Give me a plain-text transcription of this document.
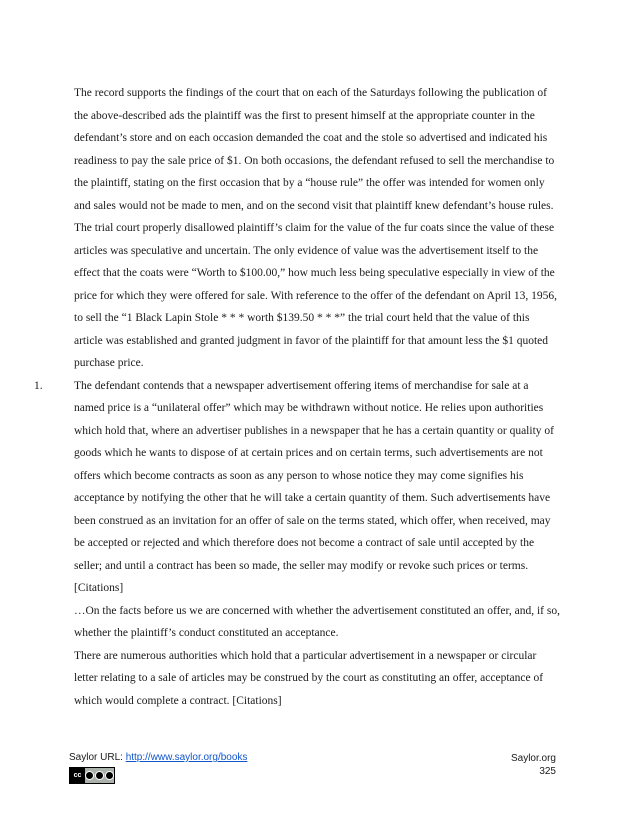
The record supports the findings of the court that on each of the Saturdays following the publication of the above-described ads the plaintiff was the first to present himself at the appropriate counter in the defendant’s store and on each occasion demanded the coat and the stole so advertised and indicated his readiness to pay the sale price of $1. On both occasions, the defendant refused to sell the merchandise to the plaintiff, stating on the first occasion that by a “house rule” the offer was intended for women only and sales would not be made to men, and on the second visit that plaintiff knew defendant’s house rules.

The trial court properly disallowed plaintiff’s claim for the value of the fur coats since the value of these articles was speculative and uncertain. The only evidence of value was the advertisement itself to the effect that the coats were “Worth to $100.00,” how much less being speculative especially in view of the price for which they were offered for sale. With reference to the offer of the defendant on April 13, 1956, to sell the “1 Black Lapin Stole * * * worth $139.50 * * *” the trial court held that the value of this article was established and granted judgment in favor of the plaintiff for that amount less the $1 quoted purchase price.

1.	The defendant contends that a newspaper advertisement offering items of merchandise for sale at a named price is a “unilateral offer” which may be withdrawn without notice. He relies upon authorities which hold that, where an advertiser publishes in a newspaper that he has a certain quantity or quality of goods which he wants to dispose of at certain prices and on certain terms, such advertisements are not offers which become contracts as soon as any person to whose notice they may come signifies his acceptance by notifying the other that he will take a certain quantity of them. Such advertisements have been construed as an invitation for an offer of sale on the terms stated, which offer, when received, may be accepted or rejected and which therefore does not become a contract of sale until accepted by the seller; and until a contract has been so made, the seller may modify or revoke such prices or terms. [Citations]

…On the facts before us we are concerned with whether the advertisement constituted an offer, and, if so, whether the plaintiff’s conduct constituted an acceptance.

There are numerous authorities which hold that a particular advertisement in a newspaper or circular letter relating to a sale of articles may be construed by the court as constituting an offer, acceptance of which would complete a contract. [Citations]

Saylor URL: http://www.saylor.org/books
cc
Saylor.org
325
